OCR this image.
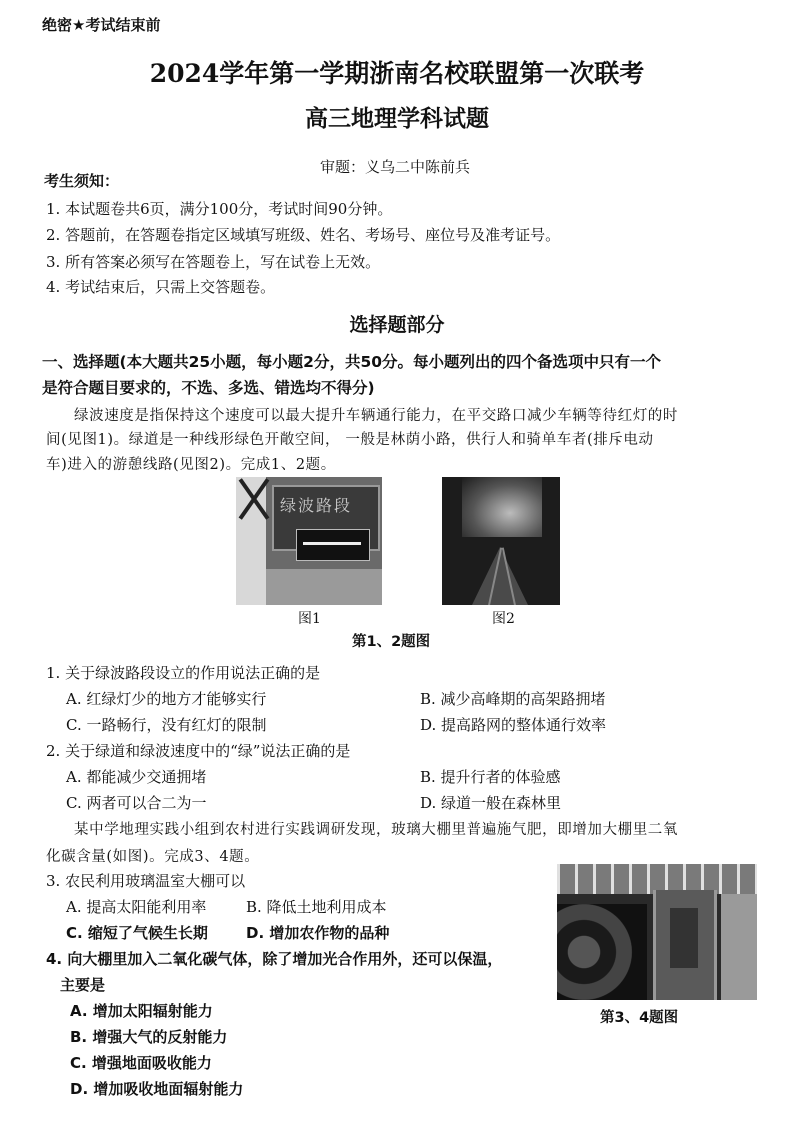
绝密★考试结束前
2024学年第一学期浙南名校联盟第一次联考
高三地理学科试题
审题：义乌二中陈前兵
考生须知：
1. 本试题卷共6页，满分100分，考试时间90分钟。
2. 答题前，在答题卷指定区域填写班级、姓名、考场号、座位号及准考证号。
3. 所有答案必须写在答题卷上，写在试卷上无效。
4. 考试结束后，只需上交答题卷。
选择题部分
一、选择题(本大题共25小题，每小题2分，共50分。每小题列出的四个备选项中只有一个
是符合题目要求的，不选、多选、错选均不得分)
绿波速度是指保持这个速度可以最大提升车辆通行能力，在平交路口减少车辆等待红灯的时
间(见图1)。绿道是一种线形绿色开敞空间， 一般是林荫小路，供行人和骑单车者(排斥电动
车)进入的游憩线路(见图2)。完成1、2题。
绿波路段
图1	图2
第1、2题图
1. 关于绿波路段设立的作用说法正确的是
A. 红绿灯少的地方才能够实行	B. 减少高峰期的高架路拥堵
C. 一路畅行，没有红灯的限制	D. 提高路网的整体通行效率
2. 关于绿道和绿波速度中的“绿”说法正确的是
A. 都能减少交通拥堵	B. 提升行者的体验感
C. 两者可以合二为一	D. 绿道一般在森林里
某中学地理实践小组到农村进行实践调研发现，玻璃大棚里普遍施气肥，即增加大棚里二氧
化碳含量(如图)。完成3、4题。
3. 农民利用玻璃温室大棚可以
A. 提高太阳能利用率	B. 降低土地利用成本
C. 缩短了气候生长期	D. 增加农作物的品种
4. 向大棚里加入二氧化碳气体，除了增加光合作用外，还可以保温，
主要是
A. 增加太阳辐射能力
B. 增强大气的反射能力
C. 增强地面吸收能力
D. 增加吸收地面辐射能力
第3、4题图
